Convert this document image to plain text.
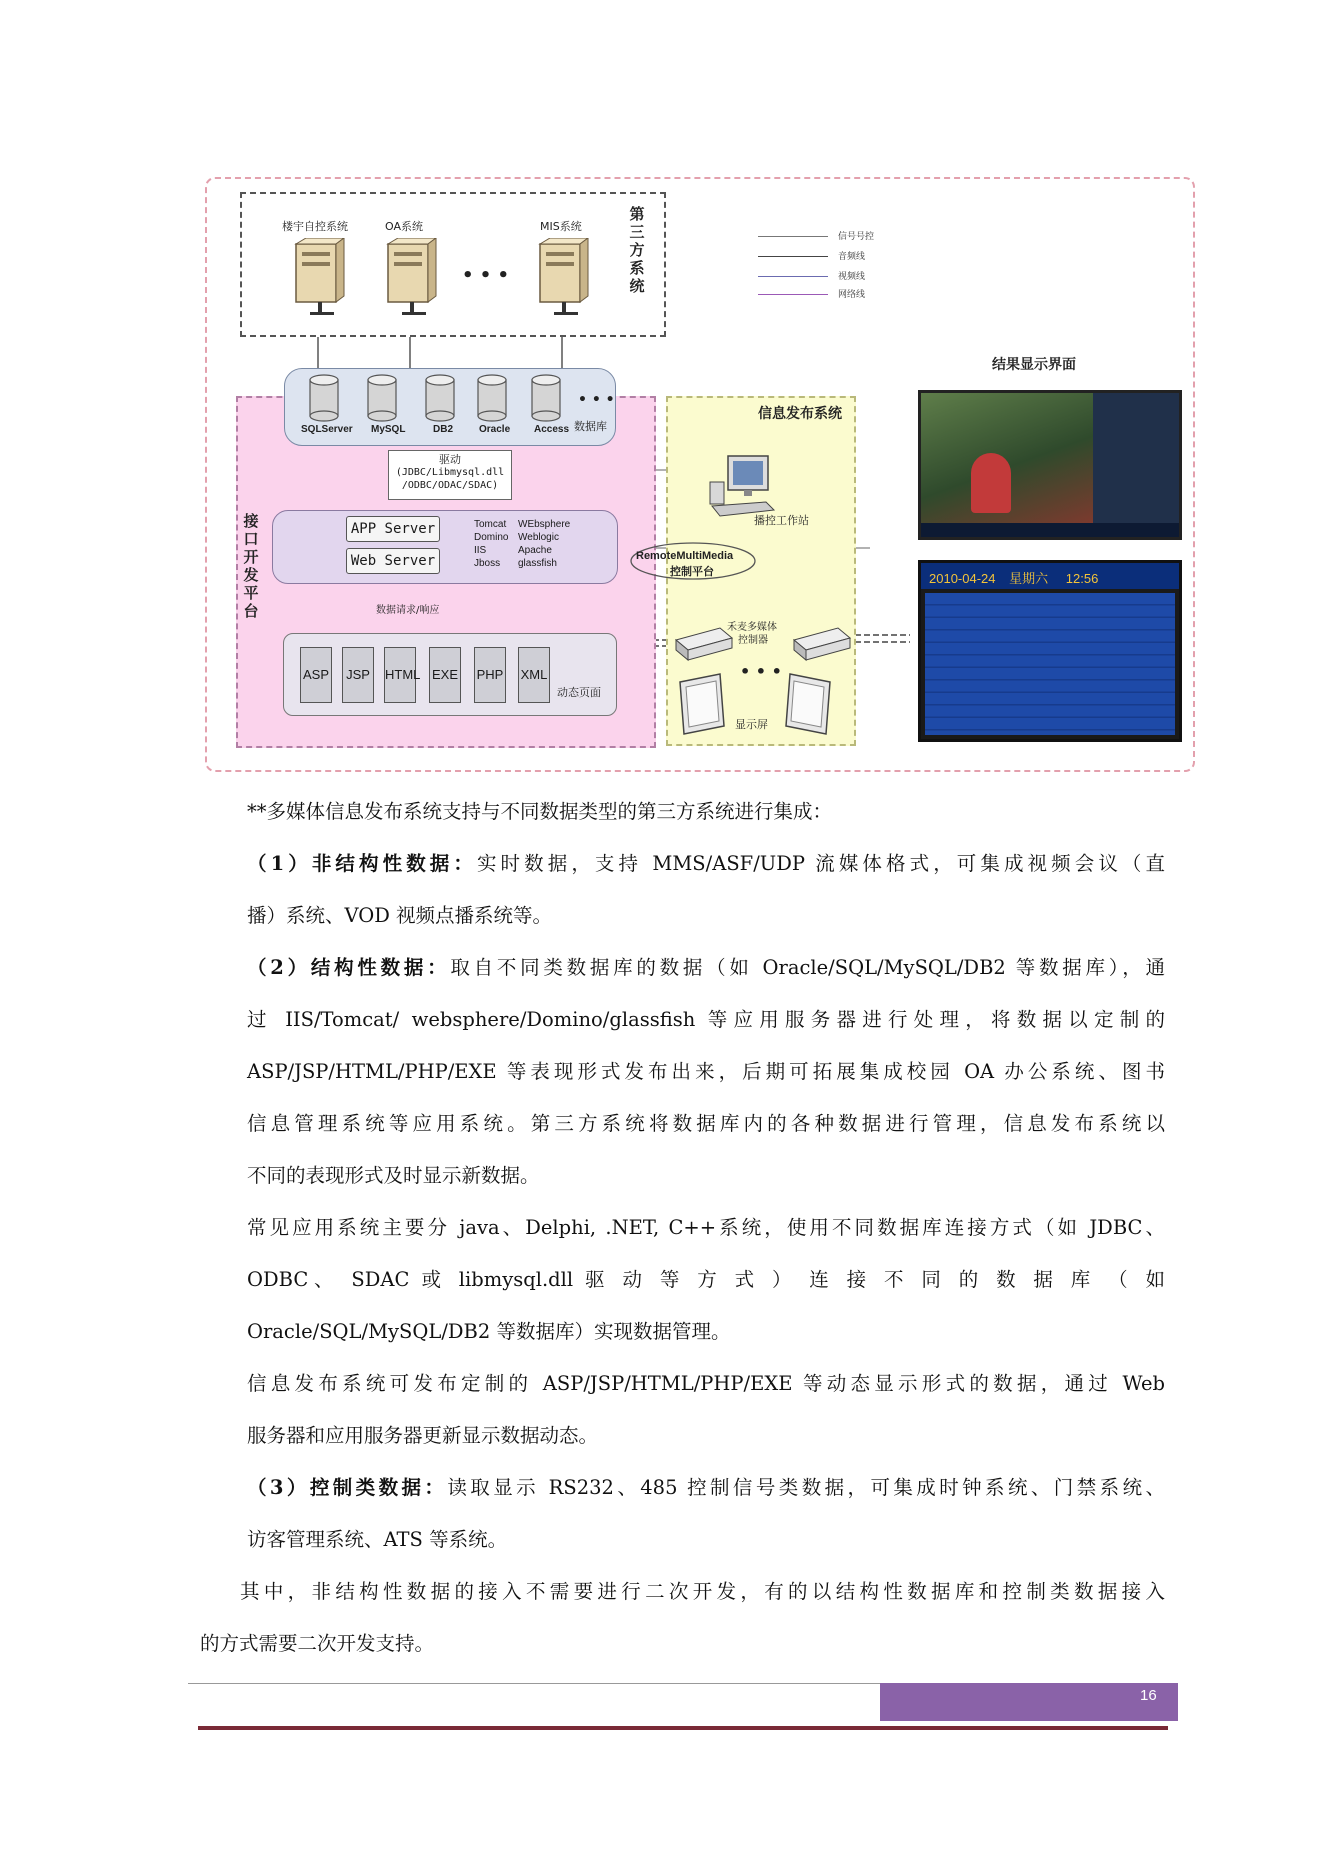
第三方系统
楼宇自控系统	OA系统	MIS系统
• • •
信号号控
音频线
视频线
网络线
接口开发平台
信息发布系统
SQLServer MySQL	DB2	Oracle Access 数据库
• • •
驱动
(JDBC/Libmysql.dll
/ODBC/ODAC/SDAC)
APP Server
Web Server
Tomcat
Domino
IIS
Jboss
WEbsphere
Weblogic
Apache
glassfish
数据请求/响应
ASP	JSP	HTML EXE PHP XML
动态页面
播控工作站
RemoteMultiMedia
控制平台
禾麦多媒体
控制器
• • •
显示屏
结果显示界面
2010-04-24 星期六 12:56
**多媒体信息发布系统支持与不同数据类型的第三方系统进行集成：
（1）非结构性数据：实时数据，支持 MMS/ASF/UDP 流媒体格式，可集成视频会议（直
播）系统、VOD 视频点播系统等。
（2）结构性数据：取自不同类数据库的数据（如 Oracle/SQL/MySQL/DB2 等数据库），通
过 IIS/Tomcat/ websphere/Domino/glassfish 等应用服务器进行处理，将数据以定制的
ASP/JSP/HTML/PHP/EXE 等表现形式发布出来，后期可拓展集成校园 OA 办公系统、图书
信息管理系统等应用系统。第三方系统将数据库内的各种数据进行管理，信息发布系统以
不同的表现形式及时显示新数据。
常见应用系统主要分 java、Delphi, .NET, C++系统，使用不同数据库连接方式（如 JDBC、
ODBC、 SDAC 或 libmysql.dll 驱 动 等 方 式 ） 连 接 不 同 的 数 据 库 （ 如
Oracle/SQL/MySQL/DB2 等数据库）实现数据管理。
信息发布系统可发布定制的 ASP/JSP/HTML/PHP/EXE 等动态显示形式的数据，通过 Web
服务器和应用服务器更新显示数据动态。
（3）控制类数据：读取显示 RS232、485 控制信号类数据，可集成时钟系统、门禁系统、
访客管理系统、ATS 等系统。
其中，非结构性数据的接入不需要进行二次开发，有的以结构性数据库和控制类数据接入
的方式需要二次开发支持。
16
